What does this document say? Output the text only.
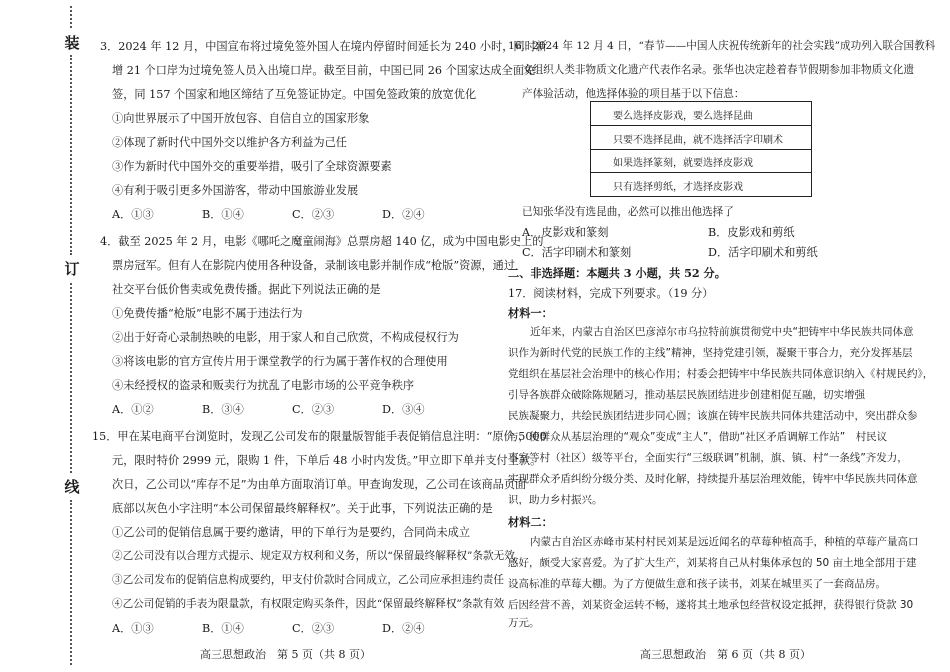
装
订
线
3．2024 年 12 月，中国宣布将过境免签外国人在境内停留时间延长为 240 小时，同时新
增 21 个口岸为过境免签人员入出境口岸。截至目前，中国已同 26 个国家达成全面免
签，同 157 个国家和地区缔结了互免签证协定。中国免签政策的放宽优化
①向世界展示了中国开放包容、自信自立的国家形象
②体现了新时代中国外交以维护各方利益为己任
③作为新时代中国外交的重要举措，吸引了全球资源要素
④有利于吸引更多外国游客，带动中国旅游业发展
A．①③	B．①④	C．②③	D．②④
4．截至 2025 年 2 月，电影《哪吒之魔童闹海》总票房超 140 亿，成为中国电影史上的
票房冠军。但有人在影院内使用各种设备，录制该电影并制作成“枪版”资源，通过
社交平台低价售卖或免费传播。据此下列说法正确的是
①免费传播“枪版”电影不属于违法行为
②出于好奇心录制热映的电影，用于家人和自己欣赏，不构成侵权行为
③将该电影的官方宣传片用于课堂教学的行为属于著作权的合理使用
④未经授权的盗录和贩卖行为扰乱了电影市场的公平竞争秩序
A．①②	B．③④	C．②③	D．③④
15．甲在某电商平台浏览时，发现乙公司发布的限量版智能手表促销信息注明：“原价 5000
元，限时特价 2999 元，限购 1 件，下单后 48 小时内发货。”甲立即下单并支付全款。
次日，乙公司以“库存不足”为由单方面取消订单。甲查询发现，乙公司在该商品页面
底部以灰色小字注明“本公司保留最终解释权”。关于此事，下列说法正确的是
①乙公司的促销信息属于要约邀请，甲的下单行为是要约，合同尚未成立
②乙公司没有以合理方式提示、规定双方权利和义务，所以“保留最终解释权”条款无效
③乙公司发布的促销信息构成要约，甲支付价款时合同成立，乙公司应承担违约责任
④乙公司促销的手表为限量款，有权限定购买条件，因此“保留最终解释权”条款有效
16．2024 年 12 月 4 日，“春节——中国人庆祝传统新年的社会实践”成功列入联合国教科
文组织人类非物质文化遗产代表作名录。张华也决定趁着春节假期参加非物质文化遗
产体验活动，他选择体验的项目基于以下信息：
要么选择皮影戏，要么选择昆曲
只要不选择昆曲，就不选择活字印刷术
如果选择篆刻，就要选择皮影戏
只有选择剪纸，才选择皮影戏
已知张华没有选昆曲，必然可以推出他选择了
A．皮影戏和篆刻	B．皮影戏和剪纸
C．活字印刷术和篆刻	D．活字印刷术和剪纸
二、非选择题：本题共 3 小题，共 52 分。
17．阅读材料，完成下列要求。（19 分）
材料一：
近年来，内蒙古自治区巴彦淖尔市乌拉特前旗贯彻党中央“把铸牢中华民族共同体意
识作为新时代党的民族工作的主线”精神，坚持党建引领，凝聚干事合力，充分发挥基层
党组织在基层社会治理中的核心作用；村委会把铸牢中华民族共同体意识纳入《村规民约》，
引导各族群众破除陈规陋习，推动基层民族团结进步创建相促互融，切实增强
民族凝聚力，共绘民族团结进步同心圆；该旗在铸牢民族共同体共建活动中，突出群众参
与，使群众从基层治理的“观众”变成“主人”，借助“社区矛盾调解工作站”　村民议
事室等村（社区）级等平台，全面实行“三级联调”机制，旗、镇、村“一条线”齐发力，
实现群众矛盾纠纷分级分类、及时化解，持续提升基层治理效能，铸牢中华民族共同体意
识，助力乡村振兴。
材料二：
内蒙古自治区赤峰市某村村民刘某是远近闻名的草莓种植高手，种植的草莓产量高口
感好，颇受大家喜爱。为了扩大生产，刘某将自己从村集体承包的 50 亩土地全部用于建
设高标准的草莓大棚。为了方便做生意和孩子读书，刘某在城里买了一套商品房。
后因经营不善，刘某资金运转不畅，遂将其土地承包经营权设定抵押，获得银行贷款 30
万元。
A．①③	B．①④	C．②③	D．②④
高三思想政治　第 5 页（共 8 页）	高三思想政治　第 6 页（共 8 页）
